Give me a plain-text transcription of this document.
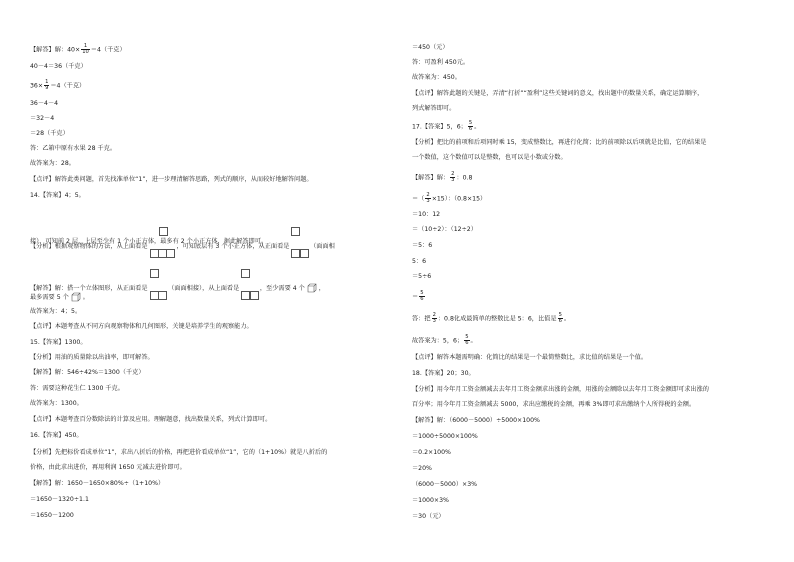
【解答】解：$40\times \frac{1}{10} =4$（千克）
40－4＝36（千克）
$36\times \frac{1}{9} =4$（千克）
36－4－4
＝32－4
＝28（千克）
答：乙箱中原有水果 28 千克。
故答案为：28。
【点评】解答此类问题，首先找准单位“1”，进一步理清解答思路，列式的顺序，从而较好地解答问题。
14.【答案】4；5。
【分析】根据观察物体的方法，从上面看是	，可知底层有 3 个小正方体，从正面看是	（面面相
接），可知前 2 层，上层至少有 1 个小正方体，最多有 2 个小正方体，据此解答即可。
【解答】解：搭一个立体图形，从正面看是	（面面相接），从上面看是	，至少需要 4 个 ，
最多需要 5 个 。
故答案为：4；5。
【点评】本题考查从不同方向观察物体和几何图形，关键是培养学生的观察能力。
15.【答案】1300。
【分析】用油的质量除以出油率，即可解答。
【解答】解：546÷42%＝1300（千克）
答：需要这种花生仁 1300 千克。
故答案为：1300。
【点评】本题考查百分数除法的计算及应用。理解题意，找出数量关系，列式计算即可。
16.【答案】450。
【分析】先把标价看成单位“1”，求出八折后的价格，再把进价看成单位“1”，它的（1+10%）就是八折后的
价格，由此求出进价，再用利润 1650 元减去进价即可。
【解答】解：1650－1650×80%÷（1+10%）
＝1650－1320÷1.1
＝1650－1200
＝450（元）
答：可盈利 450元。
故答案为：450。
【点评】解答此题的关键是，弄清“打折”“盈利”这些关键词的意义，找出题中的数量关系，确定运算顺序，
列式解答即可。
17.【答案】5，6； $\frac{5}{6}$ 。
【分析】把比的前项和后项同时乘 15，变成整数比，再进行化简；比的前项除以后项就是比值，它的结果是
一个数值，这个数值可以是整数，也可以是小数或分数。
【解答】解： $\frac{2}{3}$ ：0.8
＝（ $\frac{2}{3} \times 15$）：（0.8×15）
＝10：12
＝（10÷2）：（12÷2）
＝5：6
5：6
＝5÷6
＝ $\frac{5}{6}$
答：把 $\frac{2}{3}$ ：0.8化成最简单的整数比是 5：6，比值是 $\frac{5}{6}$ 。
故答案为：5，6； $\frac{5}{6}$ 。
【点评】解答本题需明确：化简比的结果是一个最简整数比，求比值的结果是一个值。
18.【答案】20；30。
【分析】用今年月工资金额减去去年月工资金额求出涨的金额，用涨的金额除以去年月工资金额即可求出涨的
百分率；用今年月工资金额减去 5000，求出应缴税的金额，再乘 3%即可求出缴纳个人所得税的金额。
【解答】解：（6000－5000）÷5000×100%
＝1000÷5000×100%
＝0.2×100%
＝20%
（6000－5000）×3%
＝1000×3%
＝30（元）
